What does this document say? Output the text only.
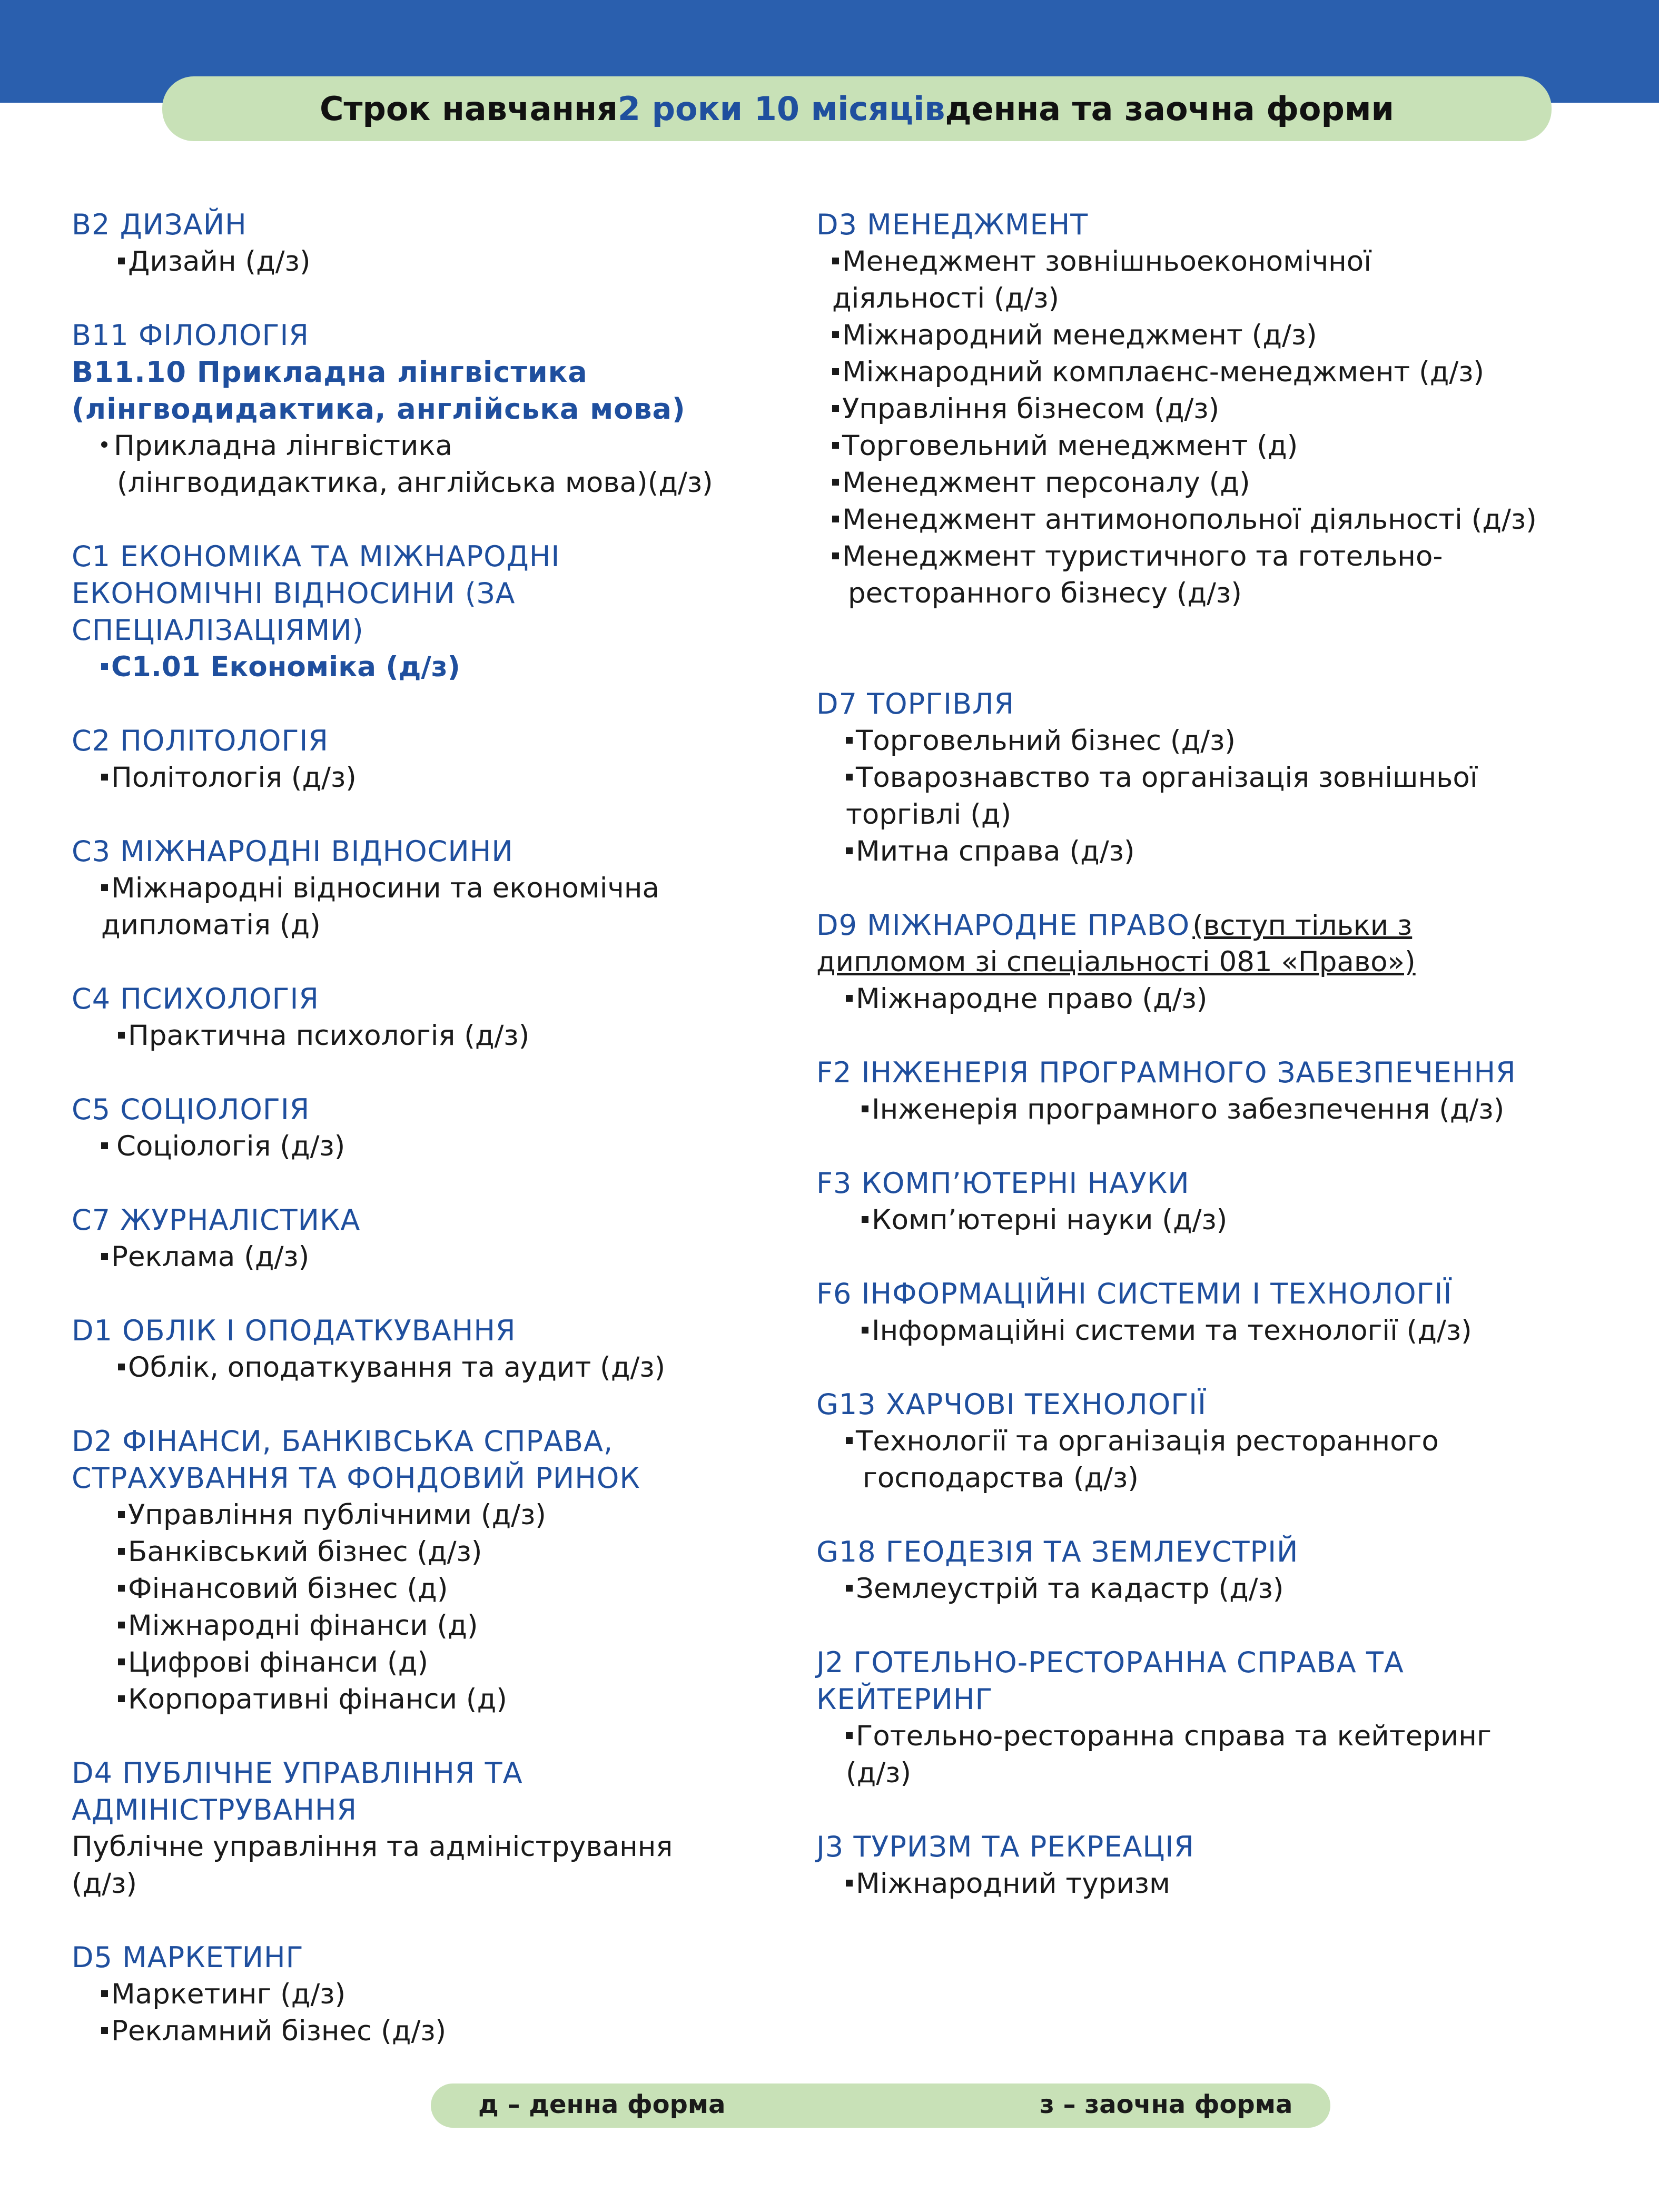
Строк навчання 2 роки 10 місяців денна та заочна форми
B2 ДИЗАЙН
Дизайн (д/з)
B11 ФІЛОЛОГІЯ
B11.10 Прикладна лінгвістика
(лінгводидактика, англійська мова)
Прикладна лінгвістика
(лінгводидактика, англійська мова)(д/з)
C1 ЕКОНОМІКА ТА МІЖНАРОДНІ
ЕКОНОМІЧНІ ВІДНОСИНИ (ЗА
СПЕЦІАЛІЗАЦІЯМИ)
C1.01 Економіка (д/з)
C2 ПОЛІТОЛОГІЯ
Політологія (д/з)
C3 МІЖНАРОДНІ ВІДНОСИНИ
Міжнародні відносини та економічна
дипломатія (д)
C4 ПСИХОЛОГІЯ
Практична психологія (д/з)
C5 СОЦІОЛОГІЯ
Соціологія (д/з)
C7 ЖУРНАЛІСТИКА
Реклама (д/з)
D1 ОБЛІК І ОПОДАТКУВАННЯ
Облік, оподаткування та аудит (д/з)
D2 ФІНАНСИ, БАНКІВСЬКА СПРАВА,
СТРАХУВАННЯ ТА ФОНДОВИЙ РИНОК
Управління публічними (д/з)
Банківський бізнес (д/з)
Фінансовий бізнес (д)
Міжнародні фінанси (д)
Цифрові фінанси (д)
Корпоративні фінанси (д)
D4 ПУБЛІЧНЕ УПРАВЛІННЯ ТА
АДМІНІСТРУВАННЯ
Публічне управління та адміністрування
(д/з)
D5 МАРКЕТИНГ
Маркетинг (д/з)
Рекламний бізнес (д/з)
D3 МЕНЕДЖМЕНТ
Менеджмент зовнішньоекономічної
діяльності (д/з)
Міжнародний менеджмент (д/з)
Міжнародний комплаєнс-менеджмент (д/з)
Управління бізнесом (д/з)
Торговельний менеджмент (д)
Менеджмент персоналу (д)
Менеджмент антимонопольної діяльності (д/з)
Менеджмент туристичного та готельно-
ресторанного бізнесу (д/з)
D7 ТОРГІВЛЯ
Торговельний бізнес (д/з)
Товарознавство та організація зовнішньої
торгівлі (д)
Митна справа (д/з)
D9 МІЖНАРОДНЕ ПРАВО (вступ тільки з
дипломом зі спеціальності 081 «Право»)
Міжнародне право (д/з)
F2 ІНЖЕНЕРІЯ ПРОГРАМНОГО ЗАБЕЗПЕЧЕННЯ
Інженерія програмного забезпечення (д/з)
F3 КОМП’ЮТЕРНІ НАУКИ
Комп’ютерні науки (д/з)
F6 ІНФОРМАЦІЙНІ СИСТЕМИ І ТЕХНОЛОГІЇ
Інформаційні системи та технології (д/з)
G13 ХАРЧОВІ ТЕХНОЛОГІЇ
Технології та організація ресторанного
господарства (д/з)
G18 ГЕОДЕЗІЯ ТА ЗЕМЛЕУСТРІЙ
Землеустрій та кадастр (д/з)
J2 ГОТЕЛЬНО-РЕСТОРАННА СПРАВА ТА
КЕЙТЕРИНГ
Готельно-ресторанна справа та кейтеринг
(д/з)
J3 ТУРИЗМ ТА РЕКРЕАЦІЯ
Міжнародний туризм
д – денна форма	з – заочна форма
